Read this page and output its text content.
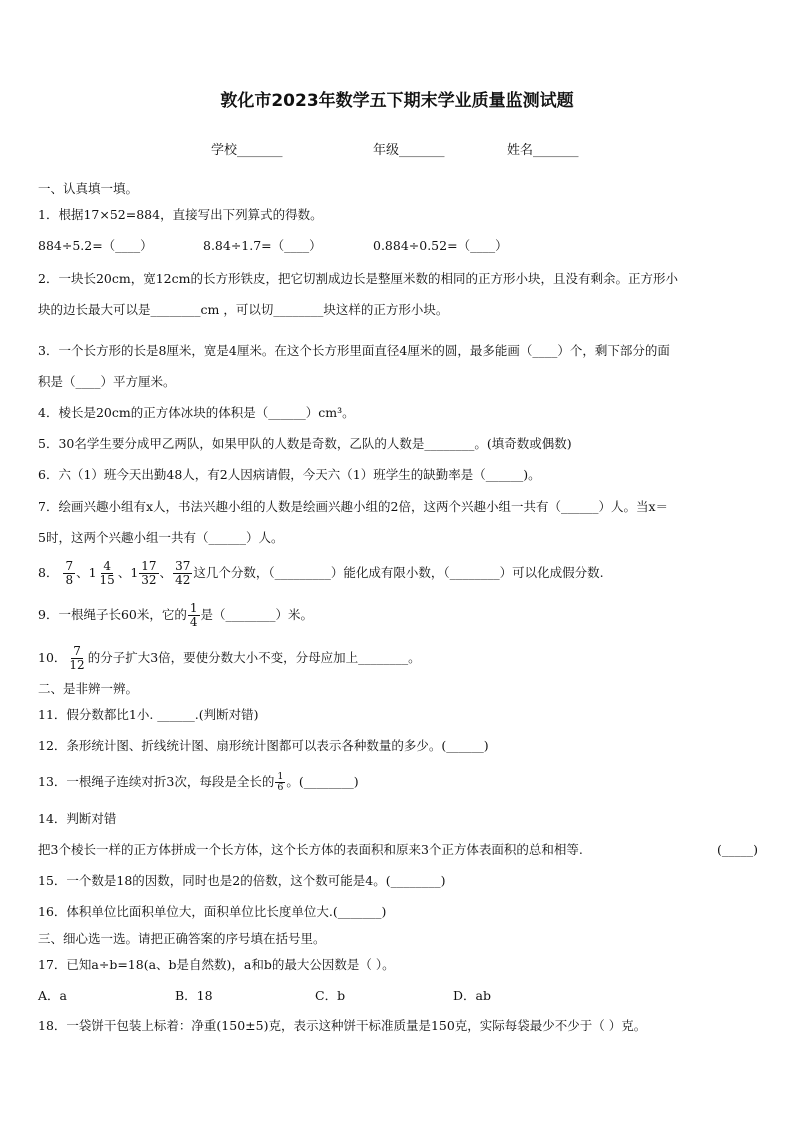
敦化市2023年数学五下期末学业质量监测试题
学校_______	年级_______	姓名_______
一、认真填一填。
1．根据17×52=884，直接写出下列算式的得数。
884÷5.2=（____）	8.84÷1.7=（____）	0.884÷0.52=（____）
2．一块长20cm，宽12cm的长方形铁皮，把它切割成边长是整厘米数的相同的正方形小块，且没有剩余。正方形小
块的边长最大可以是________cm ，可以切________块这样的正方形小块。
3．一个长方形的长是8厘米，宽是4厘米。在这个长方形里面直径4厘米的圆，最多能画（____）个，剩下部分的面
积是（____）平方厘米。
4．棱长是20cm的正方体冰块的体积是（______）cm³。
5．30名学生要分成甲乙两队，如果甲队的人数是奇数，乙队的人数是________。(填奇数或偶数)
6．六（1）班今天出勤48人，有2人因病请假，今天六（1）班学生的缺勤率是（______)。
7．绘画兴趣小组有x人，书法兴趣小组的人数是绘画兴趣小组的2倍，这两个兴趣小组一共有（______）人。当x＝
5时，这两个兴趣小组一共有（______）人。
8． $\frac{7}{8}$ 、$1 \frac{4}{15}$ 、$1 \frac{17}{32}$ 、 $\frac{37}{42}$ 这几个分数，（_________）能化成有限小数，（________）可以化成假分数.
9．一根绳子长60米，它的 $\frac{1}{4}$ 是（________）米。
10． $\frac{7}{12}$ 的分子扩大3倍，要使分数大小不变，分母应加上________。
二、是非辨一辨。
11．假分数都比1小. ______.(判断对错)
12．条形统计图、折线统计图、扇形统计图都可以表示各种数量的多少。(______)
13．一根绳子连续对折3次，每段是全长的 $\frac{1}{6}$ 。(________)
14．判断对错
把3个棱长一样的正方体拼成一个长方体，这个长方体的表面积和原来3个正方体表面积的总和相等.	(_____)
15．一个数是18的因数，同时也是2的倍数，这个数可能是4。(________)
16．体积单位比面积单位大，面积单位比长度单位大.(_______)
三、细心选一选。请把正确答案的序号填在括号里。
17．已知a÷b=18(a、b是自然数)，a和b的最大公因数是（ ）。
A．a	B．18	C．b	D．ab
18．一袋饼干包装上标着：净重(150±5)克，表示这种饼干标准质量是150克，实际每袋最少不少于（ ）克。
